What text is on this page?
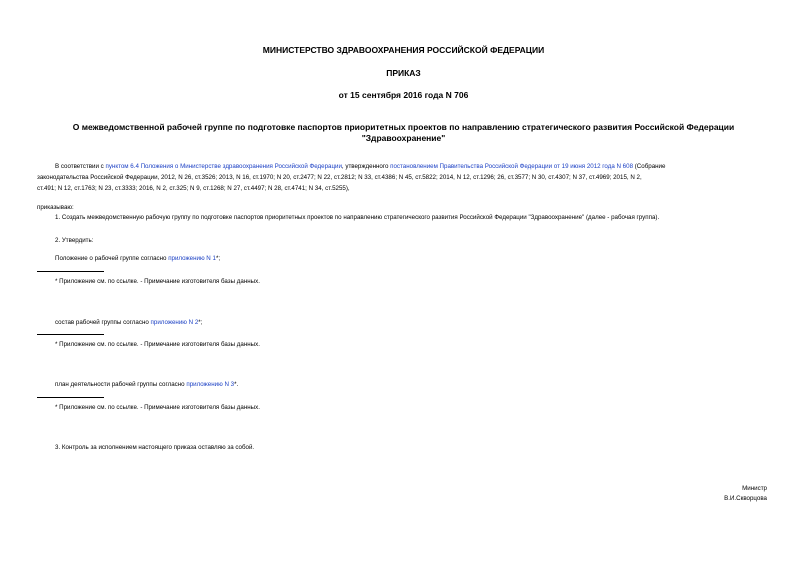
МИНИСТЕРСТВО ЗДРАВООХРАНЕНИЯ РОССИЙСКОЙ ФЕДЕРАЦИИ

ПРИКАЗ

от 15 сентября 2016 года N 706

О межведомственной рабочей группе по подготовке паспортов приоритетных проектов по направлению стратегического развития Российской Федерации

"Здравоохранение"

В соответствии с пунктом 6.4 Положения о Министерстве здравоохранения Российской Федерации, утвержденного постановлением Правительства Российской Федерации от 19 июня 2012 года N 608 (Собрание

законодательства Российской Федерации, 2012, N 26, ст.3526; 2013, N 16, ст.1970; N 20, ст.2477; N 22, ст.2812; N 33, ст.4386; N 45, ст.5822; 2014, N 12, ст.1296; 26, ст.3577; N 30, ст.4307; N 37, ст.4969; 2015, N 2,

ст.491; N 12, ст.1763; N 23, ст.3333; 2016, N 2, ст.325; N 9, ст.1268; N 27, ст.4497; N 28, ст.4741; N 34, ст.5255),

приказываю:

1. Создать межведомственную рабочую группу по подготовке паспортов приоритетных проектов по направлению стратегического развития Российской Федерации "Здравоохранение" (далее - рабочая группа).

2. Утвердить:

Положение о рабочей группе согласно приложению N 1*;

* Приложение см. по ссылке. - Примечание изготовителя базы данных.

состав рабочей группы согласно приложению N 2*;

* Приложение см. по ссылке. - Примечание изготовителя базы данных.

план деятельности рабочей группы согласно приложению N 3*.

* Приложение см. по ссылке. - Примечание изготовителя базы данных.

3. Контроль за исполнением настоящего приказа оставляю за собой.

Министр

В.И.Скворцова
